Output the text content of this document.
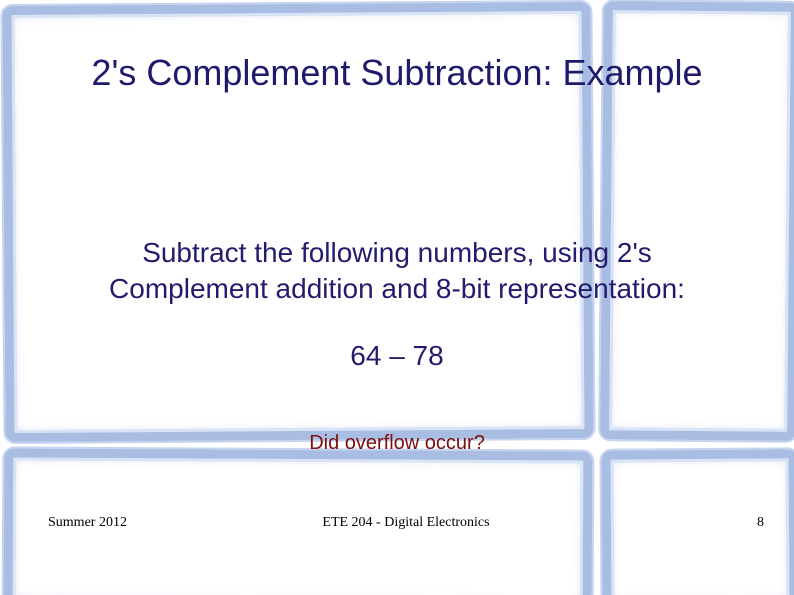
2's Complement Subtraction: Example
Subtract the following numbers, using 2's
Complement addition and 8-bit representation:
64 – 78
Did overflow occur?
Summer 2012	ETE 204 - Digital Electronics	8
